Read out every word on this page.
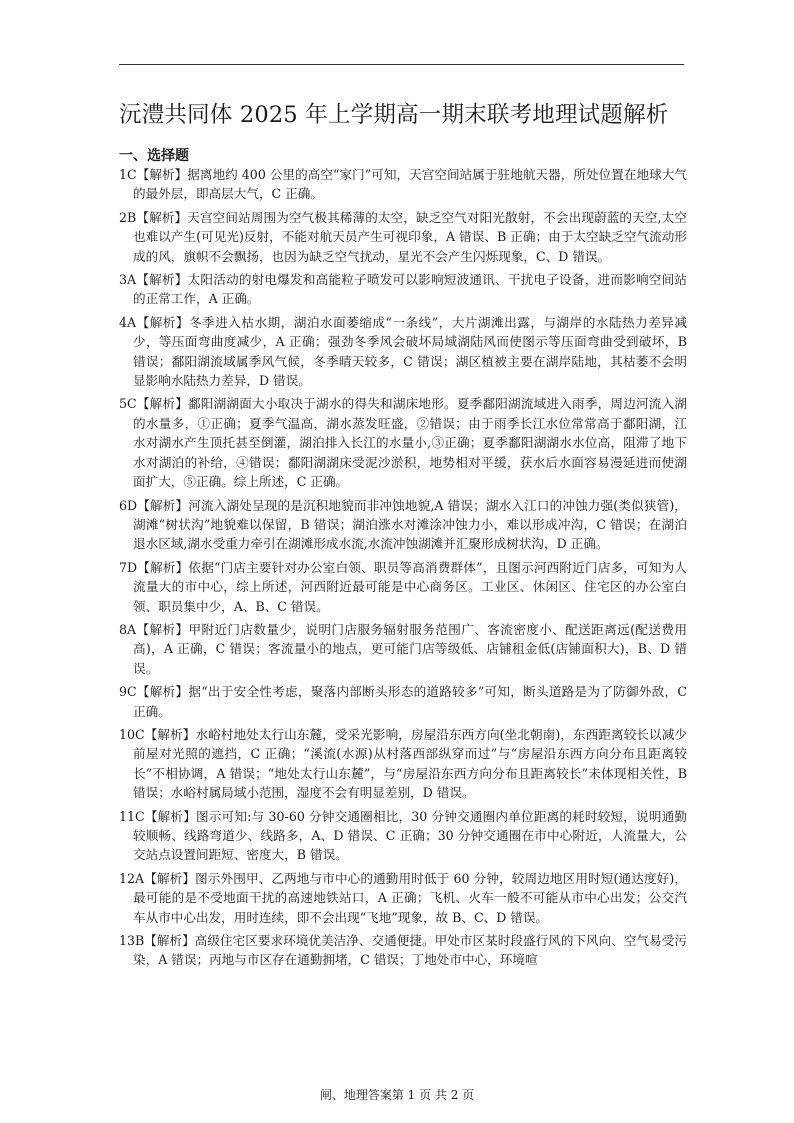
沅澧共同体 2025 年上学期高一期末联考地理试题解析
一、选择题
1C【解析】据离地约 400 公里的高空“家门”可知，天宫空间站属于驻地航天器，所处位置在地球大气的最外层，即高层大气，C 正确。
2B【解析】天宫空间站周围为空气极其稀薄的太空，缺乏空气对阳光散射，不会出现蔚蓝的天空,太空也难以产生(可见光)反射，不能对航天员产生可视印象，A 错误、B 正确；由于太空缺乏空气流动形成的风，旗帜不会飘扬，也因为缺乏空气扰动，星光不会产生闪烁现象，C、D 错误。
3A【解析】太阳活动的射电爆发和高能粒子喷发可以影响短波通讯、干扰电子设备，进而影响空间站的正常工作，A 正确。
4A【解析】冬季进入枯水期，湖泊水面萎缩成“一条线”，大片湖滩出露，与湖岸的水陆热力差异减少，等压面弯曲度减少，A 正确；强劲冬季风会破坏局域湖陆风而使图示等压面弯曲受到破坏，B 错误；鄱阳湖流域属季风气候，冬季晴天较多，C 错误；湖区植被主要在湖岸陆地，其枯萎不会明显影响水陆热力差异，D 错误。
5C【解析】鄱阳湖湖面大小取决于湖水的得失和湖床地形。夏季鄱阳湖流域进入雨季，周边河流入湖的水量多，①正确；夏季气温高，湖水蒸发旺盛，②错误；由于雨季长江水位常常高于鄱阳湖，江水对湖水产生顶托甚至倒灌，湖泊排入长江的水量小,③正确；夏季鄱阳湖湖水水位高，阻滞了地下水对湖泊的补给，④错误；鄱阳湖湖床受泥沙淤积，地势相对平缓，获水后水面容易漫延进而使湖面扩大，⑤正确。综上所述，C 正确。
6D【解析】河流入湖处呈现的是沉积地貌而非冲蚀地貌,A 错误；湖水入江口的冲蚀力强(类似狭管)，湖滩“树状沟”地貌难以保留，B 错误；湖泊涨水对滩涂冲蚀力小，难以形成冲沟，C 错误；在湖泊退水区域,湖水受重力牵引在湖滩形成水流,水流冲蚀湖滩并汇聚形成树状沟，D 正确。
7D【解析】依据“门店主要针对办公室白领、职员等高消费群体”，且图示河西附近门店多，可知为人流量大的市中心，综上所述，河西附近最可能是中心商务区。工业区、休闲区、住宅区的办公室白领、职员集中少，A、B、C 错误。
8A【解析】甲附近门店数量少，说明门店服务辐射服务范围广、客流密度小、配送距离远(配送费用高)，A 正确，C 错误；客流量小的地点，更可能门店等级低、店铺租金低(店铺面积大)，B、D 错误。
9C【解析】据“出于安全性考虑，聚落内部断头形态的道路较多”可知，断头道路是为了防御外敌，C 正确。
10C【解析】水峪村地处太行山东麓，受采光影响，房屋沿东西方向(坐北朝南)，东西距离较长以减少前屋对光照的遮挡，C 正确；“溪流(水源)从村落西部纵穿而过”与“房屋沿东西方向分布且距离较长”不相协调，A 错误；“地处太行山东麓”，与“房屋沿东西方向分布且距离较长”未体现相关性，B 错误；水峪村属局域小范围，湿度不会有明显差别，D 错误。
11C【解析】图示可知:与 30-60 分钟交通圈相比，30 分钟交通圈内单位距离的耗时较短，说明通勤较顺畅、线路弯道少、线路多，A、D 错误、C 正确；30 分钟交通圈在市中心附近，人流量大，公交站点设置间距短、密度大，B 错误。
12A【解析】图示外围甲、乙两地与市中心的通勤用时低于 60 分钟，较周边地区用时短(通达度好)，最可能的是不受地面干扰的高速地铁站口，A 正确；飞机、火车一般不可能从市中心出发；公交汽车从市中心出发，用时连续，即不会出现“飞地”现象，故 B、C、D 错误。
13B【解析】高级住宅区要求环境优美洁净、交通便捷。甲处市区某时段盛行风的下风向、空气易受污染，A 错误；丙地与市区存在通勤拥堵，C 错误；丁地处市中心，环境喧
闸、地理答案第 1 页 共 2 页
